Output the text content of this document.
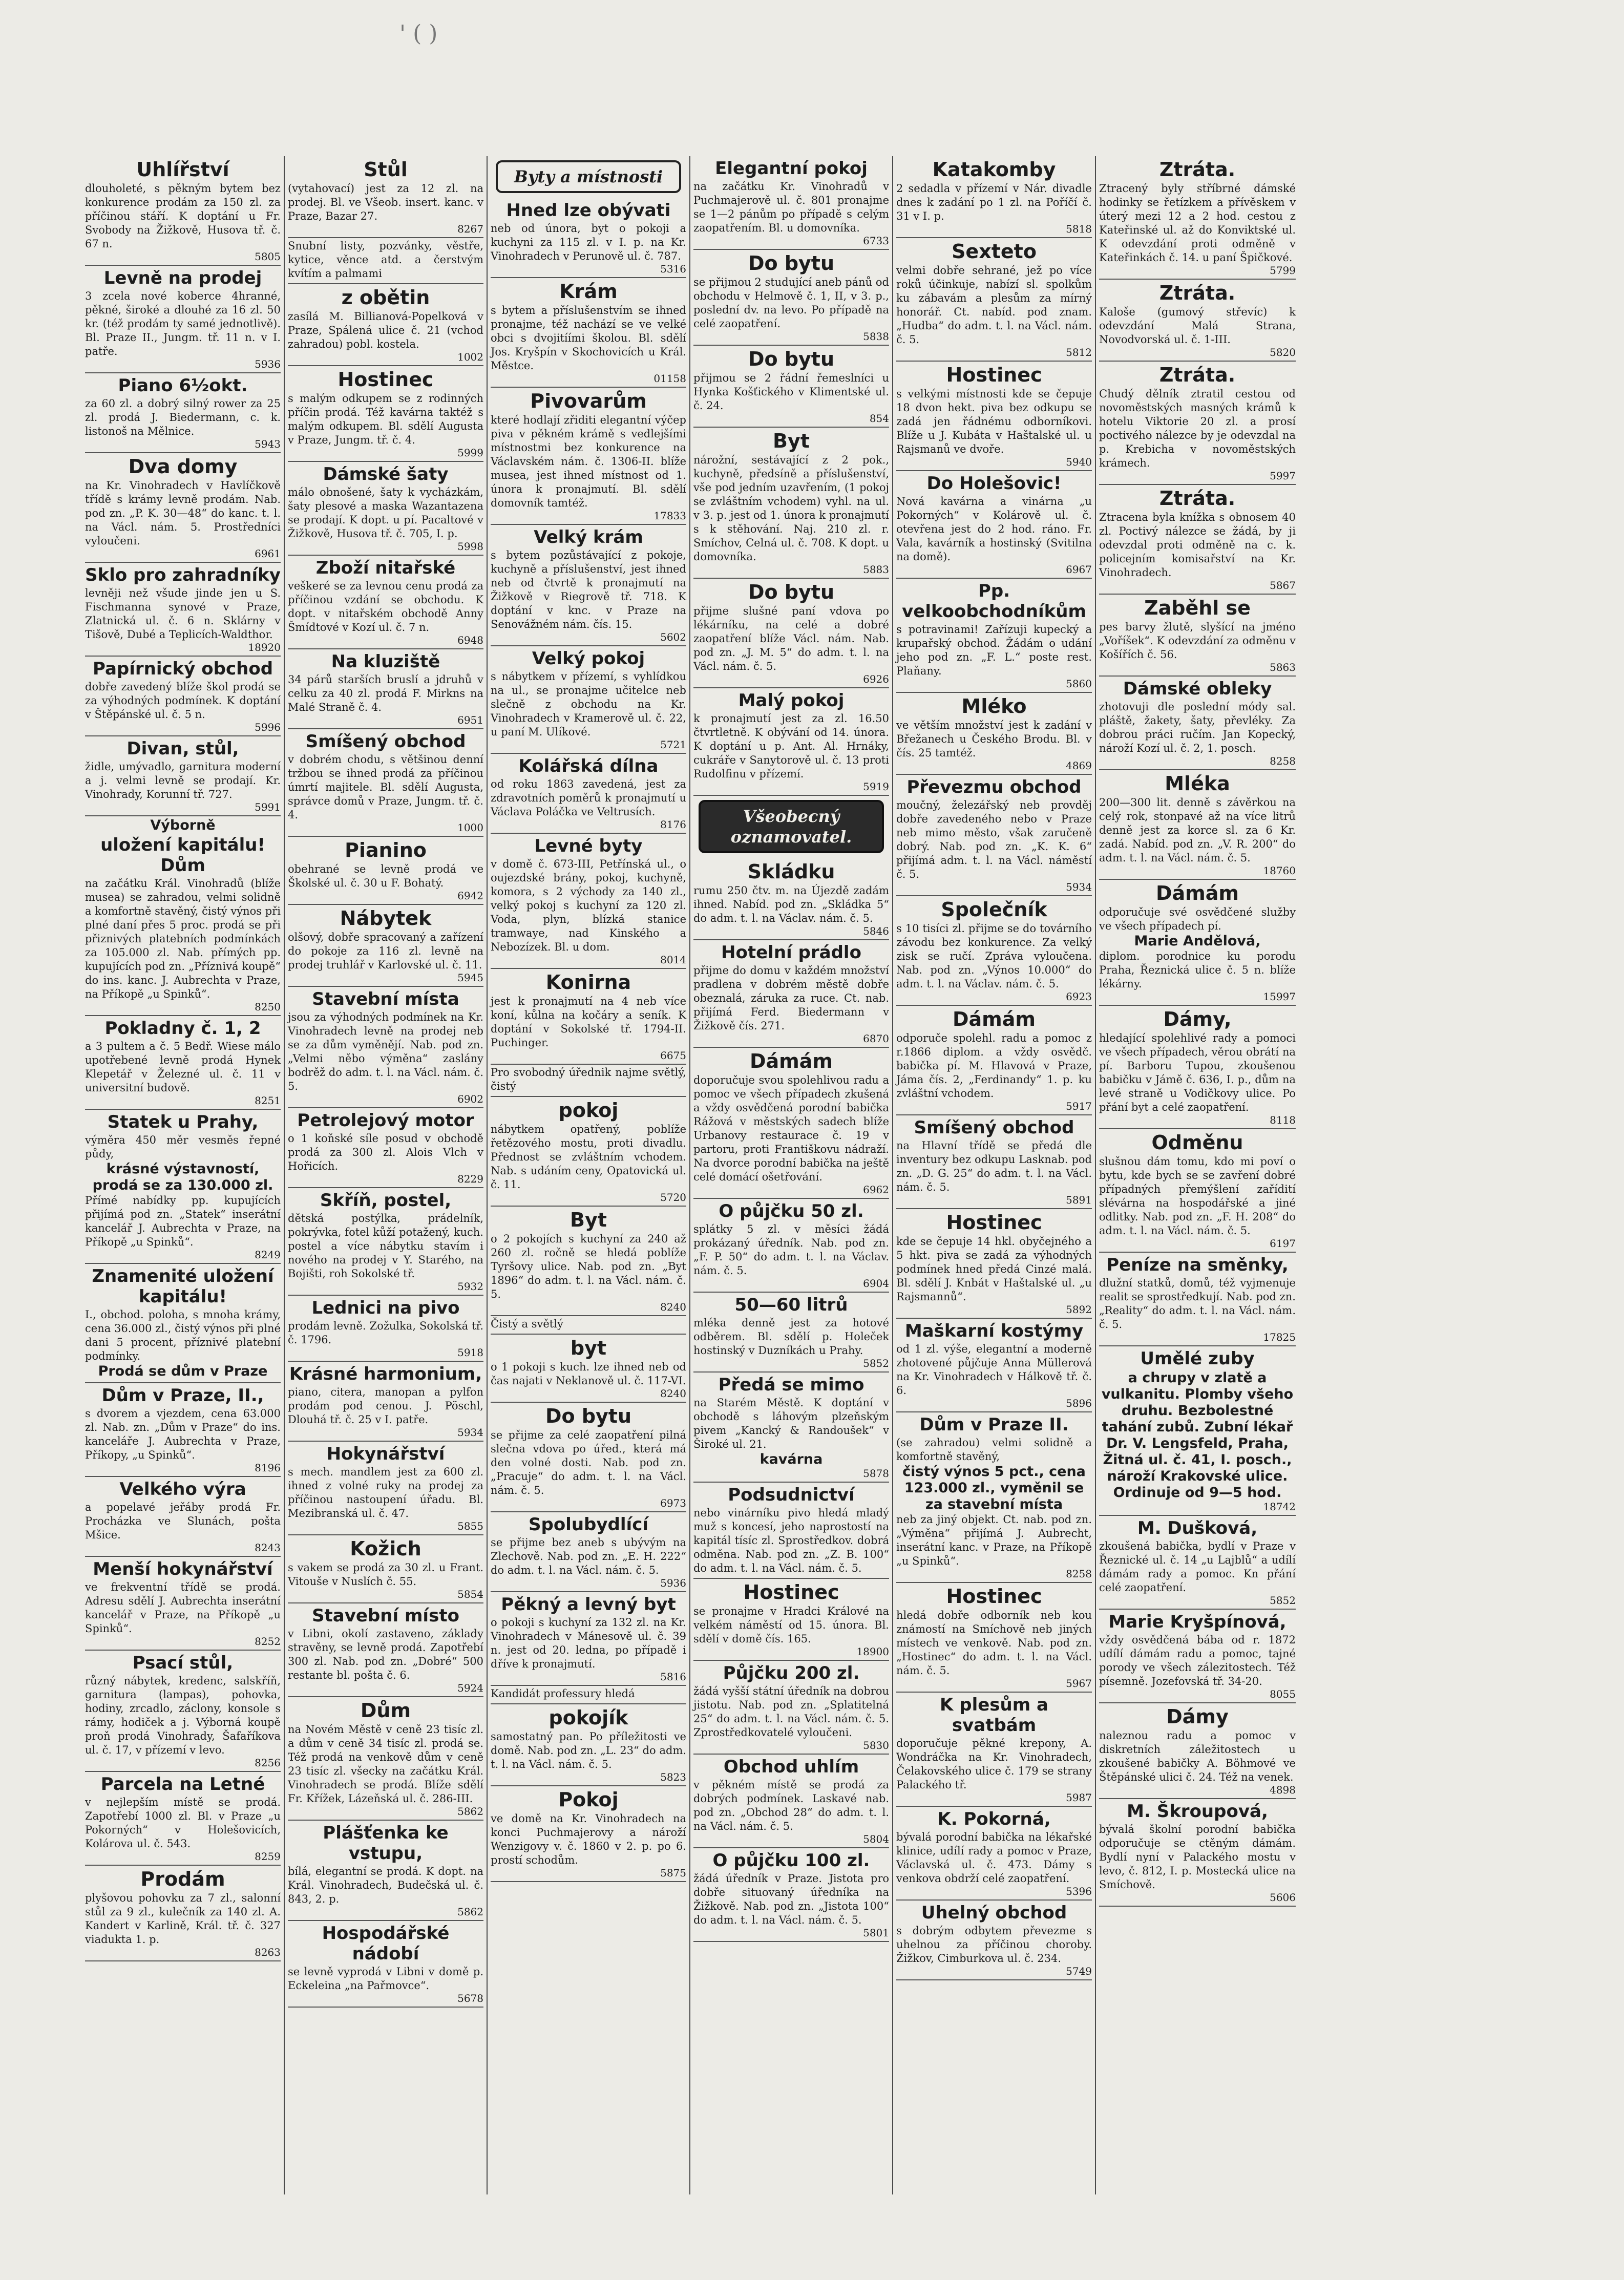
' ( )
Uhlířství
dlouholeté, s pěkným bytem bez konkurence prodám za 150 zl. za příčinou stáří. K doptání u Fr. Svobody na Žižkově, Husova tř. č. 67 n.
5805
Levně na prodej
3 zcela nové koberce 4hranné, pěkné, široké a dlouhé za 16 zl. 50 kr. (též prodám ty samé jednotlivě). Bl. Praze II., Jungm. tř. 11 n. v I. patře.
5936
Piano 6½okt.
za 60 zl. a dobrý silný rower za 25 zl. prodá J. Biedermann, c. k. listonoš na Mělnice.
5943
Dva domy
na Kr. Vinohradech v Havlíčkově třídě s krámy levně prodám. Nab. pod zn. „P. K. 30—48“ do kanc. t. l. na Václ. nám. 5. Prostředníci vyloučeni.
6961
Sklo pro zahradníky
levněji než všude jinde jen u S. Fischmanna synové v Praze, Zlatnická ul. č. 6 n. Sklárny v Tišově, Dubé a Teplicích-Waldthor.
18920
Papírnický obchod
dobře zavedený blíže škol prodá se za výhodných podmínek. K doptání v Štěpánské ul. č. 5 n.
5996
Divan, stůl,
židle, umývadlo, garnitura moderní a j. velmi levně se prodají. Kr. Vinohrady, Korunní tř. 727.
5991
Výborně
uložení kapitálu! Dům
na začátku Král. Vinohradů (blíže musea) se zahradou, velmi solidně a komfortně stavěný, čistý výnos při plné daní přes 5 proc. prodá se při přiznivých platebních podmínkách za 105.000 zl. Nab. přímých pp. kupujících pod zn. „Příznivá koupě“ do ins. kanc. J. Aubrechta v Praze, na Příkopě „u Spinků“.
8250
Pokladny č. 1, 2
a 3 pultem a č. 5 Bedř. Wiese málo upotřebené levně prodá Hynek Klepetář v Železné ul. č. 11 v universitní budově.
8251
Statek u Prahy,
výměra 450 měr vesměs řepné půdy,
krásné výstavností, prodá se za 130.000 zl.
Přímé nabídky pp. kupujících přijímá pod zn. „Statek“ inserátní kancelář J. Aubrechta v Praze, na Příkopě „u Spinků“.
8249
Znamenité uložení kapitálu!
I., obchod. poloha, s mnoha krámy, cena 36.000 zl., čistý výnos při plné dani 5 procent, příznivé platební podmínky.
Prodá se dům v Praze
Dům v Praze, II.,
s dvorem a vjezdem, cena 63.000 zl. Nab. zn. „Dům v Praze“ do ins. kanceláře J. Aubrechta v Praze, Příkopy, „u Spinků“.
8196
Velkého výra
a popelavé jeřáby prodá Fr. Procházka ve Slunách, pošta Mšice.
8243
Menší hokynářství
ve frekventní třídě se prodá. Adresu sdělí J. Aubrechta inserátní kancelář v Praze, na Příkopě „u Spinků“.
8252
Psací stůl,
různý nábytek, kredenc, salskříň, garnitura (lampas), pohovka, hodiny, zrcadlo, záclony, konsole s rámy, hodiček a j. Výborná koupě proň prodá Vinohrady, Šafaříkova ul. č. 17, v přízemí v levo.
8256
Parcela na Letné
v nejlepším místě se prodá. Zapotřebí 1000 zl. Bl. v Praze „u Pokorných“ v Holešovicích, Kolárova ul. č. 543.
8259
Prodám
plyšovou pohovku za 7 zl., salonní stůl za 9 zl., kulečník za 140 zl. A. Kandert v Karlině, Král. tř. č. 327 viadukta 1. p.
8263
Stůl
(vytahovací) jest za 12 zl. na prodej. Bl. ve Všeob. insert. kanc. v Praze, Bazar 27.
8267
Snubní listy, pozvánky, věstře, kytice, věnce atd. a čerstvým kvítím a palmami
z obětin
zasílá M. Billianová-Popelková v Praze, Spálená ulice č. 21 (vchod zahradou) pobl. kostela.
1002
Hostinec
s malým odkupem se z rodinných příčin prodá. Též kavárna taktéž s malým odkupem. Bl. sdělí Augusta v Praze, Jungm. tř. č. 4.
5999
Dámské šaty
málo obnošené, šaty k vycházkám, šaty plesové a maska Wazantazena se prodají. K dopt. u pí. Pacaltové v Žižkově, Husova tř. č. 705, I. p.
5998
Zboží nitařské
veškeré se za levnou cenu prodá za příčinou vzdání se obchodu. K dopt. v nitařském obchodě Anny Šmídtové v Kozí ul. č. 7 n.
6948
Na kluziště
34 párů starších bruslí a jdruhů v celku za 40 zl. prodá F. Mirkns na Malé Straně č. 4.
6951
Smíšený obchod
v dobrém chodu, s většinou denní tržbou se ihned prodá za příčinou úmrtí majitele. Bl. sdělí Augusta, správce domů v Praze, Jungm. tř. č. 4.
1000
Pianino
obehrané se levně prodá ve Školské ul. č. 30 u F. Bohatý.
6942
Nábytek
olšový, dobře spracovaný a zařízení do pokoje za 116 zl. levně na prodej truhlář v Karlovské ul. č. 11.
5945
Stavební místa
jsou za výhodných podmínek na Kr. Vinohradech levně na prodej neb se za dům vyměnějí. Nab. pod zn. „Velmi něbo výměna“ zaslány bodrěž do adm. t. l. na Václ. nám. č. 5.
6902
Petrolejový motor
o 1 koňské síle posud v obchodě prodá za 300 zl. Alois Vlch v Hořicích.
8229
Skříň, postel,
dětská postýlka, prádelník, pokrývka, fotel kůží potažený, kuch. postel a více nábytku stavím i nového na prodej v Y. Starého, na Bojišti, roh Sokolské tř.
5932
Lednici na pivo
prodám levně. Zožulka, Sokolská tř. č. 1796.
5918
Krásné harmonium,
piano, citera, manopan a pylfon prodám pod cenou. J. Pöschl, Dlouhá tř. č. 25 v I. patře.
5934
Hokynářství
s mech. mandlem jest za 600 zl. ihned z volné ruky na prodej za příčinou nastoupení úřadu. Bl. Mezibranská ul. č. 47.
5855
Kožich
s vakem se prodá za 30 zl. u Frant. Vitouše v Nuslích č. 55.
5854
Stavební místo
v Libni, okolí zastaveno, základy stravěny, se levně prodá. Zapotřebí 300 zl. Nab. pod zn. „Dobré“ 500 restante bl. pošta č. 6.
5924
Dům
na Novém Městě v ceně 23 tisíc zl. a dům v ceně 34 tisíc zl. prodá se. Též prodá na venkově dům v ceně 23 tisíc zl. všecky na začátku Král. Vinohradech se prodá. Blíže sdělí Fr. Křížek, Lázeňská ul. č. 286-III.
5862
Plášťenka ke vstupu,
bílá, elegantní se prodá. K dopt. na Král. Vinohradech, Budečská ul. č. 843, 2. p.
5862
Hospodářské nádobí
se levně vyprodá v Libni v domě p. Eckeleina „na Pařmovce“.
5678
Byty a místnosti
Hned lze obývati
neb od února, byt o pokoji a kuchyni za 115 zl. v I. p. na Kr. Vinohradech v Perunově ul. č. 787.
5316
Krám
s bytem a příslušenstvím se ihned pronajme, též nachází se ve velké obci s dvojitíími školou. Bl. sdělí Jos. Kryšpín v Skochovicích u Král. Městce.
01158
Pivovarům
které hodlají zřiditi elegantní výčep piva v pěkném krámě s vedlejšími místnostmi bez konkurence na Václavském nám. č. 1306-II. blíže musea, jest ihned místnost od 1. února k pronajmutí. Bl. sdělí domovník tamtéž.
17833
Velký krám
s bytem pozůstávající z pokoje, kuchyně a příslušenství, jest ihned neb od čtvrtě k pronajmutí na Žižkově v Riegrově tř. 718. K doptání v knc. v Praze na Senovážném nám. čís. 15.
5602
Velký pokoj
s nábytkem v přízemí, s vyhlídkou na ul., se pronajme učitelce neb slečně z obchodu na Kr. Vinohradech v Kramerově ul. č. 22, u paní M. Ulíkové.
5721
Kolářská dílna
od roku 1863 zavedená, jest za zdravotních poměrů k pronajmutí u Václava Poláčka ve Veltrusích.
8176
Levné byty
v domě č. 673-III, Petřínská ul., o oujezdské brány, pokoj, kuchyně, komora, s 2 východy za 140 zl., velký pokoj s kuchyní za 120 zl. Voda, plyn, blízká stanice tramwaye, nad Kinského a Nebozízek. Bl. u dom.
8014
Konirna
jest k pronajmutí na 4 neb více koní, kůlna na kočáry a seník. K doptání v Sokolské tř. 1794-II. Puchinger.
6675
Pro svobodný úřednik najme světlý, čistý
pokoj
nábytkem opatřený, poblíže řetězového mostu, proti divadlu. Přednost se zvláštním vchodem. Nab. s udáním ceny, Opatovická ul. č. 11.
5720
Byt
o 2 pokojích s kuchyní za 240 až 260 zl. ročně se hledá poblíže Tyršovy ulice. Nab. pod zn. „Byt 1896“ do adm. t. l. na Václ. nám. č. 5.
8240
Čistý a světlý
byt
o 1 pokoji s kuch. lze ihned neb od čas najati v Neklanově ul. č. 117-VI.
8240
Do bytu
se přijme za celé zaopatření pilná slečna vdova po úřed., která má den volné dosti. Nab. pod zn. „Pracuje“ do adm. t. l. na Václ. nám. č. 5.
6973
Spolubydlící
se přijme bez aneb s ubývým na Zlechově. Nab. pod zn. „E. H. 222“ do adm. t. l. na Václ. nám. č. 5.
5936
Pěkný a levný byt
o pokoji s kuchyní za 132 zl. na Kr. Vinohradech v Mánesově ul. č. 39 n. jest od 20. ledna, po případě i dříve k pronajmutí.
5816
Kandidát professury hledá
pokojík
samostatný pan. Po příležitosti ve domě. Nab. pod zn. „L. 23“ do adm. t. l. na Václ. nám. č. 5.
5823
Pokoj
ve domě na Kr. Vinohradech na konci Puchmajerovy a nároží Wenzigovy v. č. 1860 v 2. p. po 6. prostí schodům.
5875
Elegantní pokoj
na začátku Kr. Vinohradů v Puchmajerově ul. č. 801 pronajme se 1—2 pánům po případě s celým zaopatřením. Bl. u domovníka.
6733
Do bytu
se přijmou 2 studující aneb pánů od obchodu v Helmově č. 1, II, v 3. p., poslední dv. na levo. Po případě na celé zaopatření.
5838
Do bytu
přijmou se 2 řádní řemeslníci u Hynka Košťického v Klimentské ul. č. 24.
854
Byt
nárožní, sestávající z 2 pok., kuchyně, předsíně a příslušenství, vše pod jedním uzavřením, (1 pokoj se zvláštním vchodem) vyhl. na ul. v 3. p. jest od 1. února k pronajmutí s k stěhování. Naj. 210 zl. r. Smíchov, Celná ul. č. 708. K dopt. u domovníka.
5883
Do bytu
přijme slušné paní vdova po lékárníku, na celé a dobré zaopatření blíže Václ. nám. Nab. pod zn. „J. M. 5“ do adm. t. l. na Václ. nám. č. 5.
6926
Malý pokoj
k pronajmutí jest za zl. 16.50 čtvrtletně. K obývání od 14. února. K doptání u p. Ant. Al. Hrnáky, cukráře v Sanytorově ul. č. 13 proti Rudolfinu v přízemí.
5919
Všeobecný oznamovatel.
Skládku
rumu 250 čtv. m. na Újezdě zadám ihned. Nabíd. pod zn. „Skládka 5“ do adm. t. l. na Václav. nám. č. 5.
5846
Hotelní prádlo
přijme do domu v každém množství pradlena v dobrém městě dobře obeznalá, záruka za ruce. Ct. nab. přijímá Ferd. Biedermann v Žižkově čís. 271.
6870
Dámám
doporučuje svou spolehlivou radu a pomoc ve všech případech zkušená a vždy osvědčená porodní babička Rážová v městských sadech blíže Urbanovy restaurace č. 19 v partoru, proti Františkovu nádraží. Na dvorce porodní babička na ještě celé domácí ošetřování.
6962
O půjčku 50 zl.
splátky 5 zl. v měsíci žádá prokázaný úředník. Nab. pod zn. „F. P. 50“ do adm. t. l. na Václav. nám. č. 5.
6904
50—60 litrů
mléka denně jest za hotové odběrem. Bl. sdělí p. Holeček hostinský v Duzníkách u Prahy.
5852
Předá se mimo
na Starém Městě. K doptání v obchodě s láhovým plzeňským pivem „Kancký & Randoušek“ v Široké ul. 21.
kavárna
5878
Podsudnictví
nebo vinárníku pivo hledá mladý muž s koncesí, jeho naprostostí na kapitál tísíc zl. Sprostředkov. dobrá odměna. Nab. pod zn. „Z. B. 100“ do adm. t. l. na Václ. nám. č. 5.
Hostinec
se pronajme v Hradci Králové na velkém náměstí od 15. února. Bl. sdělí v domě čís. 165.
18900
Půjčku 200 zl.
žádá vyšší státní úředník na dobrou jistotu. Nab. pod zn. „Splatitelná 25“ do adm. t. l. na Václ. nám. č. 5. Zprostředkovatelé vyloučeni.
5830
Obchod uhlím
v pěkném místě se prodá za dobrých podmínek. Laskavé nab. pod zn. „Obchod 28“ do adm. t. l. na Václ. nám. č. 5.
5804
O půjčku 100 zl.
žádá úředník v Praze. Jistota pro dobře situovaný úředníka na Žižkově. Nab. pod zn. „Jistota 100“ do adm. t. l. na Václ. nám. č. 5.
5801
Katakomby
2 sedadla v přízemí v Nár. divadle dnes k zadání po 1 zl. na Poříčí č. 31 v I. p.
5818
Sexteto
velmi dobře sehrané, jež po více roků účinkuje, nabízí sl. spolkům ku zábavám a plesům za mírný honorář. Ct. nabíd. pod znam. „Hudba“ do adm. t. l. na Václ. nám. č. 5.
5812
Hostinec
s velkými místnosti kde se čepuje 18 dvon hekt. piva bez odkupu se zadá jen řádnému odborníkovi. Blíže u J. Kubáta v Haštalské ul. u Rajsmanů ve dvoře.
5940
Do Holešovic!
Nová kavárna a vinárna „u Pokorných“ v Kolárově ul. č. otevřena jest do 2 hod. ráno. Fr. Vala, kavárník a hostinský (Svitilna na domě).
6967
Pp. velkoobchodníkům
s potravinami! Zařízuji kupecký a krupařský obchod. Žádám o udání jeho pod zn. „F. L.“ poste rest. Plaňany.
5860
Mléko
ve větším množství jest k zadání v Břežanech u Českého Brodu. Bl. v čís. 25 tamtéž.
4869
Převezmu obchod
moučný, železářský neb provděj dobře zavedeného nebo v Praze neb mimo město, však zaručeně dobrý. Nab. pod zn. „K. K. 6“ přijímá adm. t. l. na Václ. náměstí č. 5.
5934
Společník
s 10 tisíci zl. přijme se do továrního závodu bez konkurence. Za velký zisk se ručí. Zpráva vyloučena. Nab. pod zn. „Výnos 10.000“ do adm. t. l. na Václav. nám. č. 5.
6923
Dámám
odporuče spolehl. radu a pomoc z r.1866 diplom. a vždy osvědč. babička pí. M. Hlavová v Praze, Jáma čís. 2, „Ferdinandy“ 1. p. ku zvláštní vchodem.
5917
Smíšený obchod
na Hlavní třídě se předá dle inventury bez odkupu Lasknab. pod zn. „D. G. 25“ do adm. t. l. na Václ. nám. č. 5.
5891
Hostinec
kde se čepuje 14 hkl. obyčejného a 5 hkt. piva se zadá za výhodných podmínek hned předá Cinzé malá. Bl. sdělí J. Knbát v Haštalské ul. „u Rajsmannů“.
5892
Maškarní kostýmy
od 1 zl. výše, elegantní a moderně zhotovené půjčuje Anna Müllerová na Kr. Vinohradech v Hálkově tř. č. 6.
5896
Dům v Praze II.
(se zahradou) velmi solidně a komfortně stavěný,
čistý výnos 5 pct., cena 123.000 zl., vyměnil se za stavební místa
neb za jiný objekt. Ct. nab. pod zn. „Výměna“ přijímá J. Aubrecht, inserátní kanc. v Praze, na Příkopě „u Spinků“.
8258
Hostinec
hledá dobře odborník neb kou známostí na Smíchově neb jiných místech ve venkově. Nab. pod zn. „Hostinec“ do adm. t. l. na Václ. nám. č. 5.
5967
K plesům a svatbám
doporučuje pěkné krepony, A. Wondráčka na Kr. Vinohradech, Čelakovského ulice č. 179 se strany Palackého tř.
5987
K. Pokorná,
bývalá porodní babička na lékařské klinice, udílí rady a pomoc v Praze, Václavská ul. č. 473. Dámy s venkova obdrží celé zaopatření.
5396
Uhelný obchod
s dobrým odbytem převezme s uhelnou za příčinou choroby. Žižkov, Cimburkova ul. č. 234.
5749
Ztráta.
Ztracený byly stříbrné dámské hodinky se řetízkem a přívěskem v úterý mezi 12 a 2 hod. cestou z Kateřinské ul. až do Konviktské ul. K odevzdání proti odměně v Kateřinkách č. 14. u paní Špičkové.
5799
Ztráta.
Kaloše (gumový střevíc) k odevzdání Malá Strana, Novodvorská ul. č. 1-III.
5820
Ztráta.
Chudý dělník ztratil cestou od novoměstských masných krámů k hotelu Viktorie 20 zl. a prosí poctivého nálezce by je odevzdal na p. Krebicha v novoměstských krámech.
5997
Ztráta.
Ztracena byla knížka s obnosem 40 zl. Poctivý nálezce se žádá, by ji odevzdal proti odměně na c. k. policejním komisařství na Kr. Vinohradech.
5867
Zaběhl se
pes barvy žlutě, slyšící na jméno „Voříšek“. K odevzdání za odměnu v Košířích č. 56.
5863
Dámské obleky
zhotovuji dle poslední módy sal. pláště, žakety, šaty, převléky. Za dobrou práci ručím. Jan Kopecký, nároží Kozí ul. č. 2, 1. posch.
8258
Mléka
200—300 lit. denně s závěrkou na celý rok, stonpavé až na více litrů denně jest za korce sl. za 6 Kr. zadá. Nabíd. pod zn. „V. R. 200“ do adm. t. l. na Václ. nám. č. 5.
18760
Dámám
odporučuje své osvědčené služby ve všech případech pí.
Marie Andělová,
diplom. porodnice ku porodu Praha, Řeznická ulice č. 5 n. blíže lékárny.
15997
Dámy,
hledající spolehlivé rady a pomoci ve všech případech, věrou obrátí na pí. Barboru Tupou, zkoušenou babičku v Jámě č. 636, I. p., dům na levé straně u Vodičkovy ulice. Po přání byt a celé zaopatření.
8118
Odměnu
slušnou dám tomu, kdo mi poví o bytu, kde bych se se zavření dobré případných přemýšlení zařídití slévárna na hospodářské a jiné odlitky. Nab. pod zn. „F. H. 208“ do adm. t. l. na Václ. nám. č. 5.
6197
Peníze na směnky,
dlužní statků, domů, též vyjmenuje realit se sprostředkují. Nab. pod zn. „Reality“ do adm. t. l. na Václ. nám. č. 5.
17825
Umělé zuby
a chrupy v zlatě a vulkanitu. Plomby všeho druhu. Bezbolestné tahání zubů. Zubní lékař Dr. V. Lengsfeld, Praha, Žitná ul. č. 41, I. posch., nároží Krakovské ulice. Ordinuje od 9—5 hod.
18742
M. Dušková,
zkoušená babička, bydlí v Praze v Řeznické ul. č. 14 „u Lajblů“ a udílí dámám rady a pomoc. Kn přání celé zaopatření.
5852
Marie Kryšpínová,
vždy osvědčená bába od r. 1872 udílí dámám radu a pomoc, tajné porody ve všech zálezitostech. Též písemně. Jozefovská tř. 34-20.
8055
Dámy
naleznou radu a pomoc v diskretních záležitostech u zkoušené babičky A. Böhmové ve Štěpánské ulici č. 24. Též na venek.
4898
M. Škroupová,
bývalá školní porodní babička odporučuje se ctěným dámám. Bydlí nyní v Palackého mostu v levo, č. 812, I. p. Mostecká ulice na Smíchově.
5606
